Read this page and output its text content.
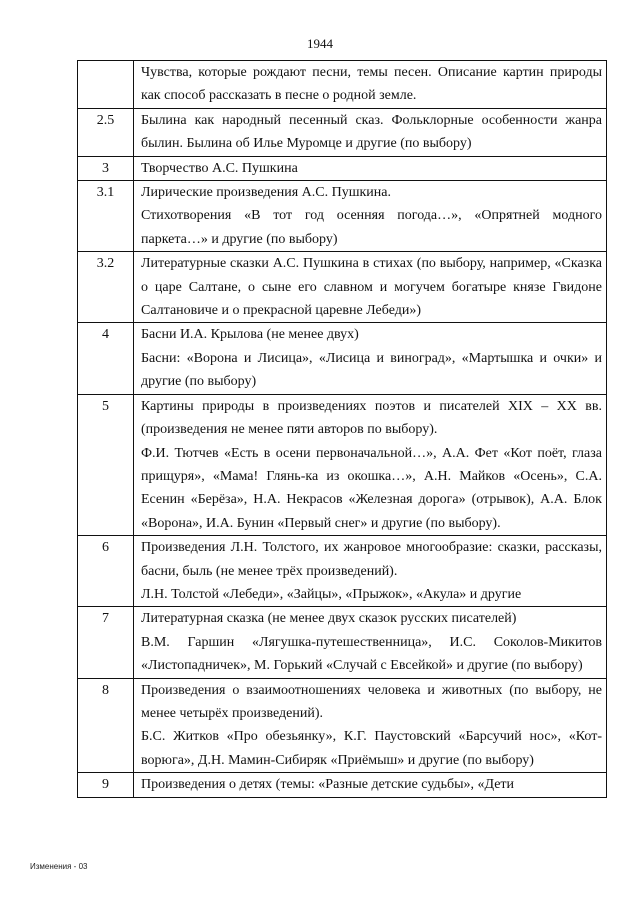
1944

	Чувства, которые рождают песни, темы песен. Описание картин природы как способ рассказать в песне о родной земле.

2.5	Былина как народный песенный сказ. Фольклорные особенности жанра былин. Былина об Илье Муромце и другие (по выбору)

3	Творчество А.С. Пушкина

3.1	Лирические произведения А.С. Пушкина.

Стихотворения «В тот год осенняя погода…», «Опрятней модного паркета…» и другие (по выбору)

3.2	Литературные сказки А.С. Пушкина в стихах (по выбору, например, «Сказка о царе Салтане, о сыне его славном и могучем богатыре князе Гвидоне Салтановиче и о прекрасной царевне Лебеди»)

4	Басни И.А. Крылова (не менее двух)

Басни: «Ворона и Лисица», «Лисица и виноград», «Мартышка и очки» и другие (по выбору)

5	Картины природы в произведениях поэтов и писателей XIX – XX вв. (произведения не менее пяти авторов по выбору).

Ф.И. Тютчев «Есть в осени первоначальной…», А.А. Фет «Кот поёт, глаза прищуря», «Мама! Глянь-ка из окошка…», А.Н. Майков «Осень», С.А. Есенин «Берёза», Н.А. Некрасов «Железная дорога» (отрывок), А.А. Блок «Ворона», И.А. Бунин «Первый снег» и другие (по выбору).

6	Произведения Л.Н. Толстого, их жанровое многообразие: сказки, рассказы, басни, быль (не менее трёх произведений).

Л.Н. Толстой «Лебеди», «Зайцы», «Прыжок», «Акула» и другие

7	Литературная сказка (не менее двух сказок русских писателей)

В.М. Гаршин «Лягушка-путешественница», И.С. Соколов-Микитов «Листопадничек», М. Горький «Случай с Евсейкой» и другие (по выбору)

8	Произведения о взаимоотношениях человека и животных (по выбору, не менее четырёх произведений).

Б.С. Житков «Про обезьянку», К.Г. Паустовский «Барсучий нос», «Кот-ворюга», Д.Н. Мамин-Сибиряк «Приёмыш» и другие (по выбору)

9	Произведения о детях (темы: «Разные детские судьбы», «Дети

Изменения - 03
